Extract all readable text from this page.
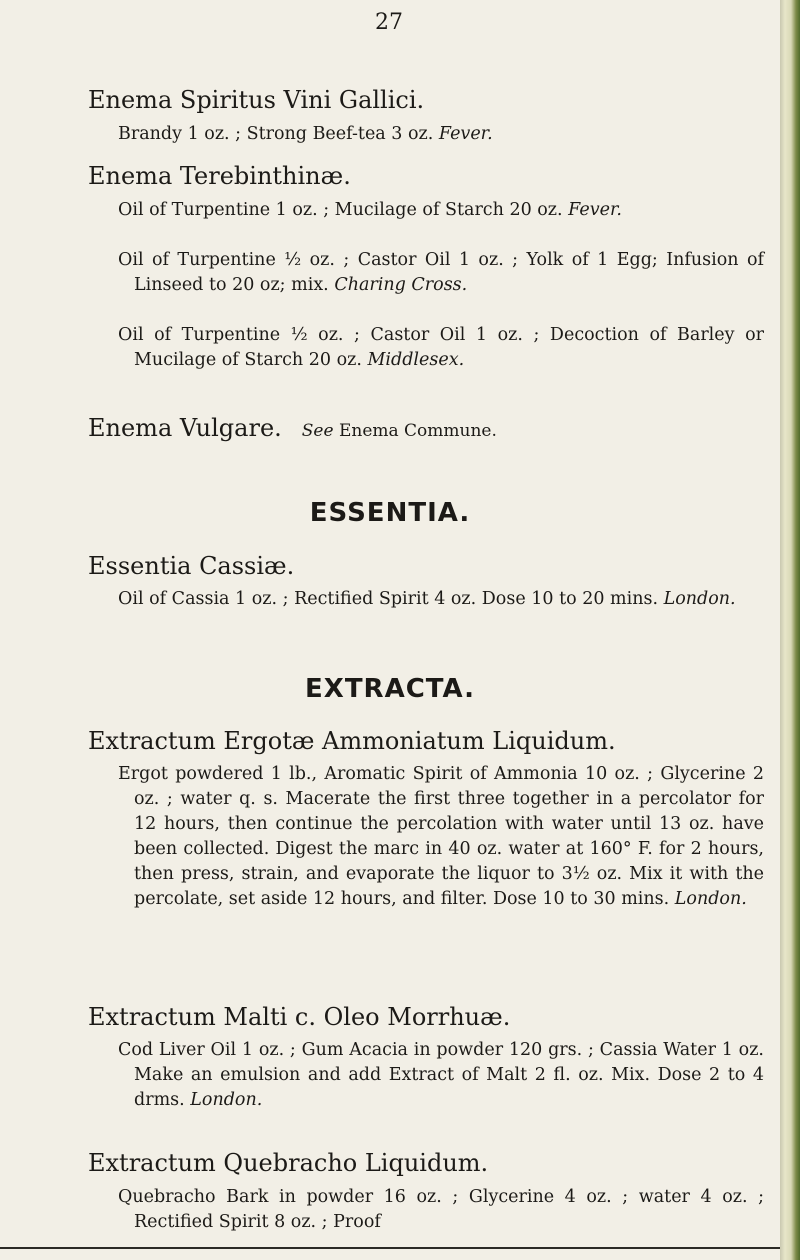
27

Enema Spiritus Vini Gallici.

Brandy 1 oz. ; Strong Beef-tea 3 oz. Fever.

Enema Terebinthinæ.

Oil of Turpentine 1 oz. ; Mucilage of Starch 20 oz. Fever.

Oil of Turpentine ½ oz. ; Castor Oil 1 oz. ; Yolk of 1 Egg; Infusion of Linseed to 20 oz; mix. Charing Cross.

Oil of Turpentine ½ oz. ; Castor Oil 1 oz. ; Decoction of Barley or Mucilage of Starch 20 oz. Middlesex.

Enema Vulgare. See Enema Commune.

ESSENTIA.
Essentia Cassiæ.

Oil of Cassia 1 oz. ; Rectified Spirit 4 oz. Dose 10 to 20 mins. London.

EXTRACTA.
Extractum Ergotæ Ammoniatum Liquidum.

Ergot powdered 1 lb., Aromatic Spirit of Ammonia 10 oz. ; Glycerine 2 oz. ; water q. s. Macerate the first three together in a percolator for 12 hours, then continue the percolation with water until 13 oz. have been collected. Digest the marc in 40 oz. water at 160° F. for 2 hours, then press, strain, and evaporate the liquor to 3½ oz. Mix it with the percolate, set aside 12 hours, and filter. Dose 10 to 30 mins. London.

Extractum Malti c. Oleo Morrhuæ.

Cod Liver Oil 1 oz. ; Gum Acacia in powder 120 grs. ; Cassia Water 1 oz. Make an emulsion and add Extract of Malt 2 fl. oz. Mix. Dose 2 to 4 drms. London.

Extractum Quebracho Liquidum.

Quebracho Bark in powder 16 oz. ; Glycerine 4 oz. ; water 4 oz. ; Rectified Spirit 8 oz. ; Proof
